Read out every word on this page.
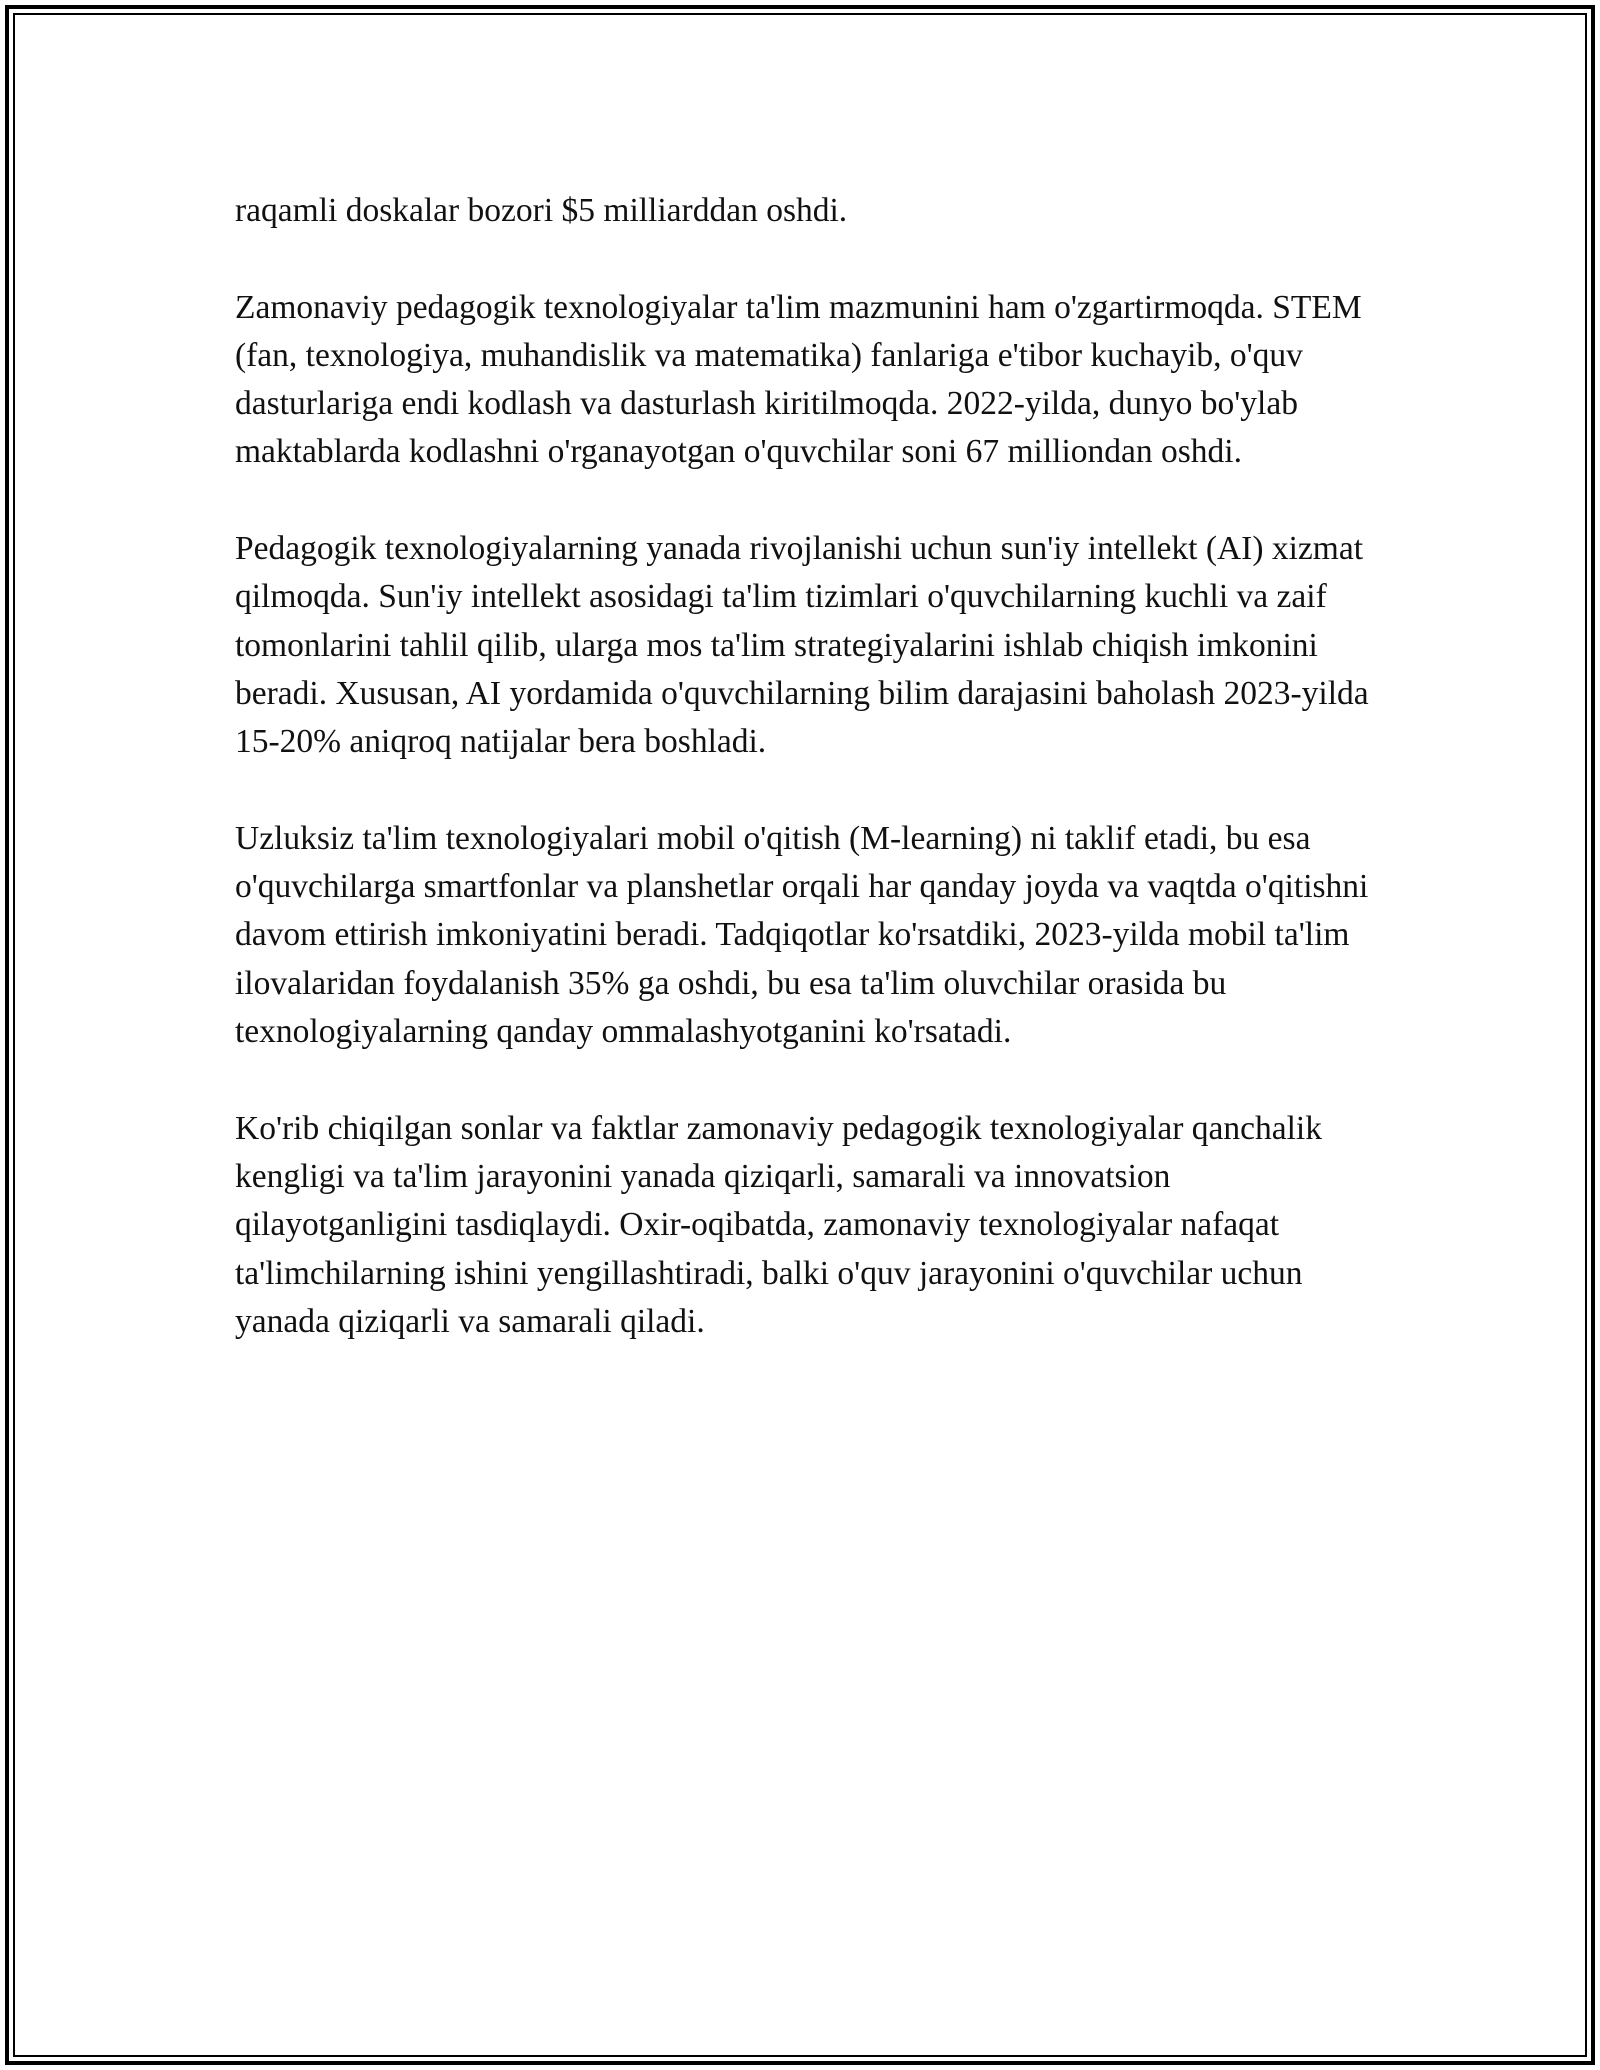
raqamli doskalar bozori $5 milliarddan oshdi.

Zamonaviy pedagogik texnologiyalar ta'lim mazmunini ham o'zgartirmoqda. STEM (fan, texnologiya, muhandislik va matematika) fanlariga e'tibor kuchayib, o'quv dasturlariga endi kodlash va dasturlash kiritilmoqda. 2022-yilda, dunyo bo'ylab maktablarda kodlashni o'rganayotgan o'quvchilar soni 67 milliondan oshdi.

Pedagogik texnologiyalarning yanada rivojlanishi uchun sun'iy intellekt (AI) xizmat qilmoqda. Sun'iy intellekt asosidagi ta'lim tizimlari o'quvchilarning kuchli va zaif tomonlarini tahlil qilib, ularga mos ta'lim strategiyalarini ishlab chiqish imkonini beradi. Xususan, AI yordamida o'quvchilarning bilim darajasini baholash 2023-yilda 15-20% aniqroq natijalar bera boshladi.

Uzluksiz ta'lim texnologiyalari mobil o'qitish (M-learning) ni taklif etadi, bu esa o'quvchilarga smartfonlar va planshetlar orqali har qanday joyda va vaqtda o'qitishni davom ettirish imkoniyatini beradi. Tadqiqotlar ko'rsatdiki, 2023-yilda mobil ta'lim ilovalaridan foydalanish 35% ga oshdi, bu esa ta'lim oluvchilar orasida bu texnologiyalarning qanday ommalashyotganini ko'rsatadi.

Ko'rib chiqilgan sonlar va faktlar zamonaviy pedagogik texnologiyalar qanchalik kengligi va ta'lim jarayonini yanada qiziqarli, samarali va innovatsion qilayotganligini tasdiqlaydi. Oxir-oqibatda, zamonaviy texnologiyalar nafaqat ta'limchilarning ishini yengillashtiradi, balki o'quv jarayonini o'quvchilar uchun yanada qiziqarli va samarali qiladi.
